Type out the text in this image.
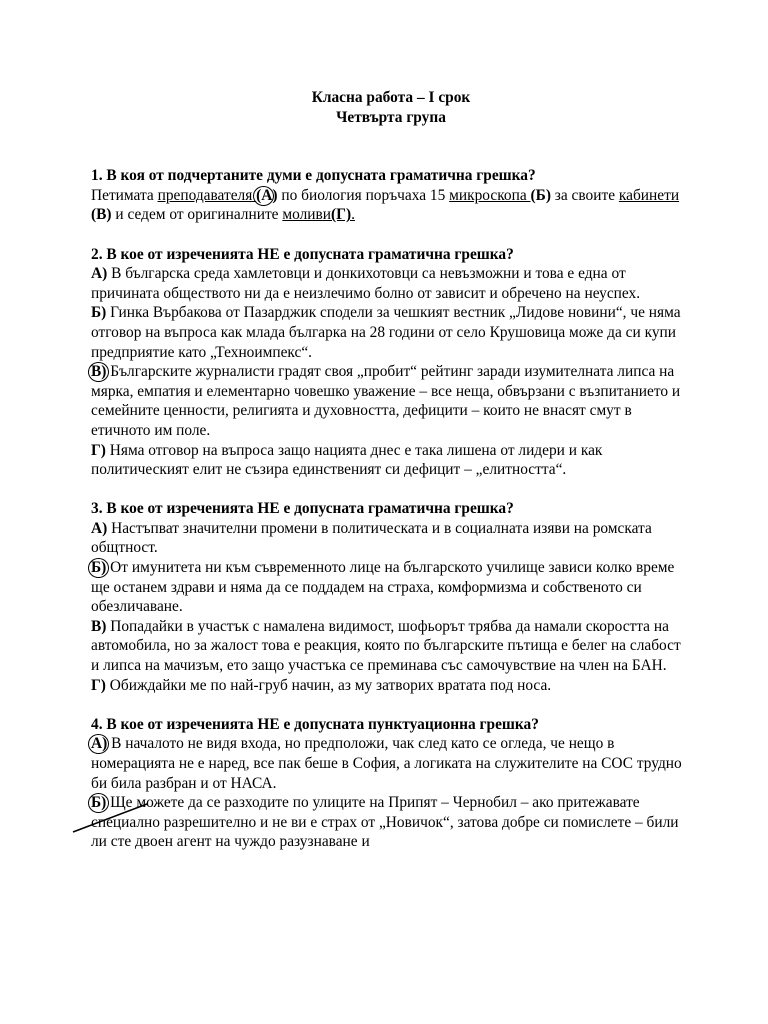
Класна работа – I срок

Четвърта група

1. В коя от подчертаните думи е допусната граматична грешка?

Петимата преподавателя (А) по биология поръчаха 15 микроскопа (Б) за своите кабинети (В) и седем от оригиналните моливи(Г).

2. В кое от изреченията НЕ е допусната граматична грешка?

А) В българска среда хамлетовци и донкихотовци са невъзможни и това е една от причината обществото ни да е неизлечимо болно от зависит и обречено на неуспех.

Б) Гинка Върбакова от Пазарджик сподели за чешкият вестник „Лидове новини“, че няма отговор на въпроса как млада българка на 28 години от село Крушовица може да си купи предприятие като „Техноимпекс“.

В) Българските журналисти градят своя „пробит“ рейтинг заради изумителната липса на мярка, емпатия и елементарно човешко уважение – все неща, обвързани с възпитанието и семейните ценности, религията и духовността, дефицити – които не внасят смут в етичното им поле.

Г) Няма отговор на въпроса защо нацията днес е така лишена от лидери и как политическият елит не съзира единственият си дефицит – „елитността“.

3. В кое от изреченията НЕ е допусната граматична грешка?

А) Настъпват значителни промени в политическата и в социалната изяви на ромската общтност.

Б) От имунитета ни към съвременното лице на българското училище зависи колко време ще останем здрави и няма да се поддадем на страха, комформизма и собственото си обезличаване.

В) Попадайки в участък с намалена видимост, шофьорът трябва да намали скоростта на

автомобила, но за жалост това е реакция, която по българските пътища е белег на слабост и липса на мачизъм, ето защо участъка се преминава със самочувствие на член на БАН.

Г) Обиждайки ме по най-груб начин, аз му затворих вратата под носа.

4. В кое от изреченията НЕ е допусната пунктуационна грешка?

А) В началото не видя входа, но предположи, чак след като се огледа, че нещо в номерацията не е наред, все пак беше в София, а логиката на служителите на СОС трудно би била разбран и от НАСА.

Б) Ще можете да се разходите по улиците на Припят – Чернобил – ако притежавате специално разрешително и не ви е страх от „Новичок“, затова добре си помислете – били ли сте двоен агент на чуждо разузнаване и
